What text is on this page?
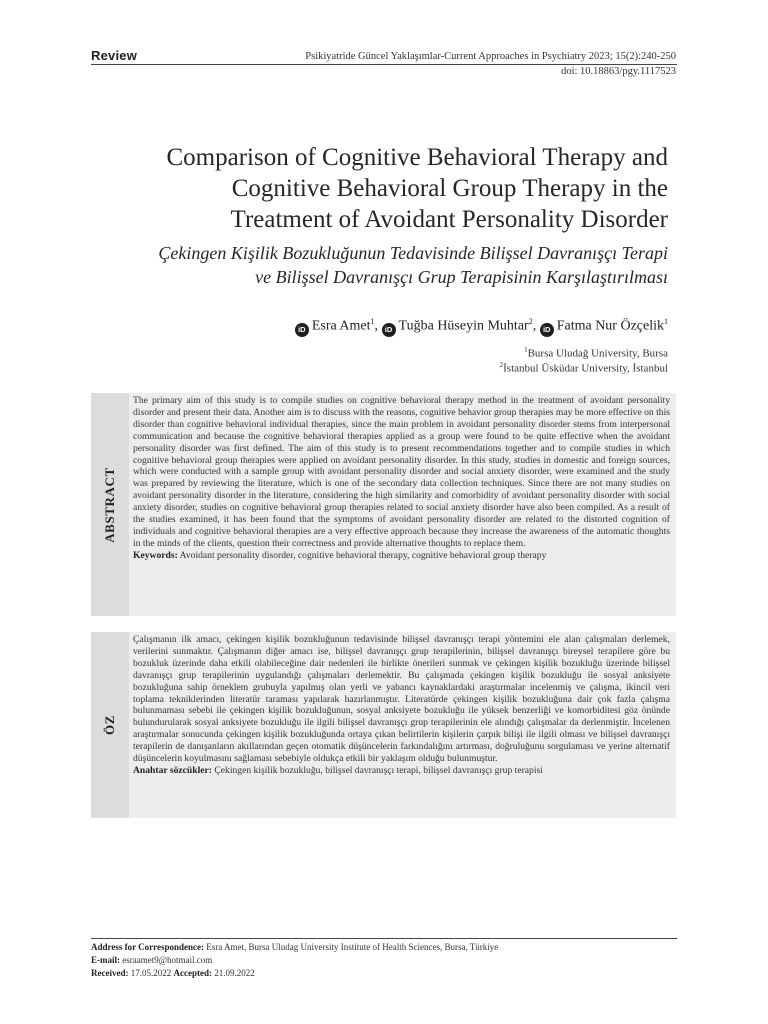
Review	Psikiyatride Güncel Yaklaşımlar-Current Approaches in Psychiatry 2023; 15(2):240-250
doi: 10.18863/pgy.1117523
Comparison of Cognitive Behavioral Therapy and
Cognitive Behavioral Group Therapy in the
Treatment of Avoidant Personality Disorder
Çekingen Kişilik Bozukluğunun Tedavisinde Bilişsel Davranışçı Terapi
ve Bilişsel Davranışçı Grup Terapisinin Karşılaştırılması
iD Esra Amet$^1$, iD Tuğba Hüseyin Muhtar$^2$, iD Fatma Nur Özçelik$^1$
$^1$Bursa Uludağ University, Bursa
$^2$İstanbul Üsküdar University, İstanbul
ABSTRACT
The primary aim of this study is to compile studies on cognitive behavioral therapy method in the treatment of avoidant personality disorder and present their data. Another aim is to discuss with the reasons, cognitive behavior group therapies may be more effective on this disorder than cognitive behavioral individual therapies, since the main problem in avoidant personality disorder stems from interpersonal communication and because the cognitive behavioral therapies applied as a group were found to be quite effective when the avoidant personality disorder was first defined. The aim of this study is to present recommendations together and to compile studies in which cognitive behavioral group therapies were applied on avoidant personality disorder. In this study, studies in domestic and foreign sources, which were conducted with a sample group with avoidant personality disorder and social anxiety disorder, were examined and the study was prepared by reviewing the literature, which is one of the secondary data collection techniques. Since there are not many studies on avoidant personality disorder in the literature, considering the high similarity and comorbidity of avoidant personality disorder with social anxiety disorder, studies on cognitive behavioral group therapies related to social anxiety disorder have also been compiled. As a result of the studies examined, it has been found that the symptoms of avoidant personality disorder are related to the distorted cognition of individuals and cognitive behavioral therapies are a very effective approach because they increase the awareness of the automatic thoughts in the minds of the clients, question their correctness and provide alternative thoughts to replace them.
Keywords: Avoidant personality disorder, cognitive behavioral therapy, cognitive behavioral group therapy
ÖZ
Çalışmanın ilk amacı, çekingen kişilik bozukluğunun tedavisinde bilişsel davranışçı terapi yöntemini ele alan çalışmaları derlemek, verilerini sunmaktır. Çalışmanın diğer amacı ise, bilişsel davranışçı grup terapilerinin, bilişsel davranışçı bireysel terapilere göre bu bozukluk üzerinde daha etkili olabileceğine dair nedenleri ile birlikte önerileri sunmak ve çekingen kişilik bozukluğu üzerinde bilişsel davranışçı grup terapilerinin uygulandığı çalışmaları derlemektir. Bu çalışmada çekingen kişilik bozukluğu ile sosyal anksiyete bozukluğuna sahip örneklem grubuyla yapılmış olan yerli ve yabancı kaynaklardaki araştırmalar incelenmiş ve çalışma, ikincil veri toplama tekniklerinden literatür taraması yapılarak hazırlanmıştır. Literatürde çekingen kişilik bozukluğuna dair çok fazla çalışma bulunmaması sebebi ile çekingen kişilik bozukluğunun, sosyal anksiyete bozukluğu ile yüksek benzerliği ve komorbiditesi göz önünde bulundurularak sosyal anksiyete bozukluğu ile ilgili bilişsel davranışçı grup terapilerinin ele alındığı çalışmalar da derlenmiştir. İncelenen araştırmalar sonucunda çekingen kişilik bozukluğunda ortaya çıkan belirtilerin kişilerin çarpık bilişi ile ilgili olması ve bilişsel davranışçı terapilerin de danışanların akıllarından geçen otomatik düşüncelerin farkındalığını artırması, doğruluğunu sorgulaması ve yerine alternatif düşüncelerin koyulmasını sağlaması sebebiyle oldukça etkili bir yaklaşım olduğu bulunmuştur.
Anahtar sözcükler: Çekingen kişilik bozukluğu, bilişsel davranışçı terapi, bilişsel davranışçı grup terapisi
Address for Correspondence: Esra Amet, Bursa Uludag University Institute of Health Sciences, Bursa, Türkiye
E-mail: esraamet9@hotmail.com
Received: 17.05.2022 Accepted: 21.09.2022
